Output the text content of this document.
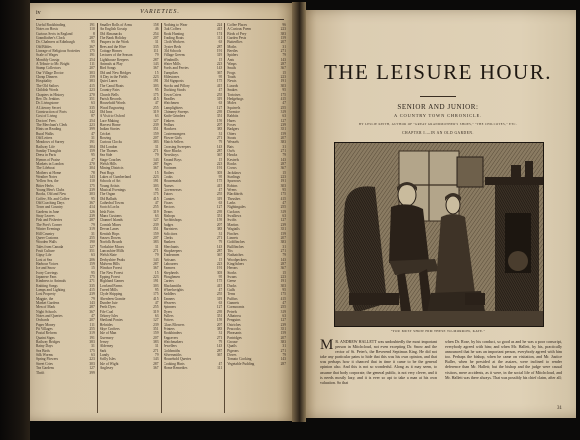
iv	VARIETIES.
Useful Bookbinding	191
Notes on Hosts	110
Curious Sects in England	8
Grandfather's Clock	287
Dr. Chalmers at Edinburgh	95
Old Bibles	367
Lineage of Religious Societies	175
Scale of Wages	191
Monthly Gossip	254
A Tribute to Mr. Bright	111
Stamp Collectors	207
Our Village Doctor	303
Cheap Dinners	159
Hospitality	383
The Old Sailors	415
Childish Words	223
Chapters in History	270
Rev. Dr. Jenkins	351
Dr. Livingstone	63
A Literary Secret	335
Construction of Forts	142
Cost of Living	87
Doctors' Fees	254
The Merchant's Clerk	223
Hints on Reading	399
Rural Walks	47
Old Letters	31
Meadows of Surrey	191
Railway Life	304
Sunday Thoughts	159
Dress in Paris	95
Hymns of Praise	47
Markets in London	270
The Lifeboat	304
Mothers at Home	78
Weather Notes	143
Yellow Sea, the	110
Bitter Herbs	175
Young Men's Clubs	239
Books, Old and New	303
Coffee, Mr. and Coffee	95
Old Coaching Days	367
Town and Country	414
Gardens in June	126
Stray Leaves	239
Fish and Fisheries	287
The Poet's Corner	79
Winter Evenings	319
Hill Country	31
Queer Customs	255
Wooden Walls	190
Tales from Canada	127
Fruit Culture	351
Gipsy Life	63
Lost at Sea	206
Harbour Voices	159
Ice and Snow	15
Ivory Carvings	95
Japanese Fans	175
Kindness to Animals	271
Knitting Songs	335
Lamps and Lighting	415
Lost Property	239
Magpie, the	79
Market Gardens	143
Men of Mark	287
Night Schools	367
Notes and Queries	47
Orchards	207
Paper Money	111
Pit Villages	255
Postal Reform	319
Quaint Signs	191
Railway Bridges	383
Rainy Days	31
Sea Birds	175
Silk Worms	63
Spring Flowers	223
Street Cries	303
Tea Gardens	127
Thrift	399
Smaller Rolls of Arms	158
An English Gossip	46
Old Almanacks	254
The Bank Holiday	207
Paupers in the Work	31
Bees and the Hive	335
Cottage Homes	111
Lectures of the Season	79
Lighthouse Keepers	287
Animals at Play	143
Bird Songs	367
Old and New Bridges	15
A Day in the Fields	223
Quiet Lanes	191
The Canal Boats	303
Country Fairs	95
Church Bells	175
Parish Records	415
Household Words	47
Wood Engraving	255
Old Inns	319
A Visit to Oxford	63
Lace Making	127
Harvest Home	239
Indian Stories	351
Cricket	159
Rowing	207
Curious Clocks	383
Old London	31
The Thames	271
Sea Side	79
Stage Coaches	143
Welsh Hills	287
Mining Districts	367
Peat Bogs	15
Lakes of Cumberland	223
Schools of Art	191
Young Artists	303
Musical Evenings	95
The Organ	175
Old Ballads	415
Cathedral Towns	47
Scotch Lochs	255
Irish Fairs	319
Manx Customs	63
Channel Islands	127
Cornish Mines	239
Devon Lanes	351
Kentish Hops	159
Sussex Downs	207
Norfolk Broads	383
Yorkshire Moors	31
Lancashire Mills	271
Welsh Slate	79
Derbyshire Peaks	143
Malvern Hills	287
Windsor Forest	367
The New Forest	15
Epping Forest	223
Highland Games	191
Lowland Farms	303
Tweed Mills	95
Clyde Shipping	175
Aberdeen Granite	415
Dundee Jute	47
Perth Dyes	255
Fife Coal	319
Orkney Isles	63
Shetland Ponies	127
Hebrides	239
Skye Crofters	351
Isle of Man	159
Guernsey	207
Jersey	383
Alderney	31
Sark	271
Lundy	79
Scilly Isles	143
Isle of Wight	287
Anglesey	367
Nothing to Wear	224
Oak Coffers	415
Book Hunting	174
Trading Boats	111
Cloth Workers	63
Oyster Beds	287
Old Schools	191
Village Greens	319
Windmills	15
Water Mills	223
Fords and Ferries	143
Turnpikes	367
Milestones	95
Old Signposts	175
Stocks and Pillory	415
Ducking Stools	47
Town Criers	255
Beadles	319
Watchmen	63
Lamplighters	127
Chimney Sweeps	239
Knife Grinders	351
Tinkers	159
Pedlars	207
Hawkers	383
Costermongers	31
Flower Girls	271
Match Sellers	79
Crossing Sweepers	143
Shoe Blacks	287
Newsboys	367
Errand Boys	15
Pages	223
Footmen	191
Butlers	303
Cooks	95
Housemaids	175
Nurses	415
Governesses	47
Tutors	255
Curates	319
Vicars	63
Rectors	127
Deans	239
Bishops	351
Archbishops	159
Judges	207
Barristers	383
Solicitors	31
Clerks	271
Bankers	79
Merchants	143
Shopkeepers	287
Tradesmen	367
Artisans	15
Labourers	223
Farmers	191
Shepherds	303
Ploughmen	95
Carters	175
Blacksmiths	415
Wheelwrights	47
Saddlers	255
Tanners	319
Weavers	63
Spinners	127
Dyers	239
Fullers	351
Potters	159
Glass Blowers	207
Printers	383
Bookbinders	31
Engravers	271
Watchmakers	79
Jewellers	143
Goldsmiths	287
Silversmiths	367
Household Queries
Cooking Hints	47
Home Remedies	111
Coffee Places	96
A Curious Poem	223
Birds of Prey	383
Garden Pests	159
Butterflies	207
Moths	31
Beetles	271
Spiders	79
Ants	143
Wasps	287
Snails	367
Frogs	15
Toads	223
Newts	191
Lizards	303
Snakes	95
Tortoises	175
Hedgehogs	415
Moles	47
Squirrels	255
Dormice	319
Rabbits	63
Hares	127
Foxes	239
Badgers	351
Otters	159
Stoats	207
Weasels	383
Bats	31
Owls	271
Hawks	79
Kestrels	143
Rooks	287
Crows	367
Jackdaws	15
Starlings	223
Sparrows	191
Robins	303
Wrens	95
Blackbirds	175
Thrushes	415
Larks	47
Nightingales	255
Cuckoos	319
Swallows	63
Swifts	127
Martins	239
Wagtails	351
Finches	159
Linnets	207
Goldfinches	383
Bullfinches	31
Tits	271
Nuthatches	79
Woodpeckers	143
Kingfishers	287
Herons	367
Storks	15
Swans	223
Geese	191
Ducks	303
Gulls	95
Terns	175
Puffins	415
Gannets	47
Cormorants	255
Petrels	319
Albatross	63
Penguins	127
Ostriches	239
Peacocks	351
Pheasants	159
Partridges	207
Grouse	383
Quails	31
Pigeons	271
Doves	79
Tomato Cooking	143
Vegetable Pudding	287
THE LEISURE HOUR.
SENIOR AND JUNIOR:
A COUNTRY TOWN CHRONICLE.
BY LESLIE KEITH, AUTHOR OF "GREAT GRANDMOTHER'S SHOES," "THE CHILCOTES," ETC.
CHAPTER I.—IN AN OLD GARDEN.
"YOU MUST SHOW HIM THESE TO-MORROW, KATE."
M R. ANDREW HALLETT was undoubtedly the most important person in Mitchcloud, not even excepting Dr. Snow and the rector of St. Peter's, the Reverend Septimus King. He did not take any particular pains to hide that this was his own opinion, and that was perhaps how it chanced that in time it came to be the general opinion also. And this is not so wonderful. Along as it may seem, to assume that body corporate, the general public, is not very clever, and it is needs mostly lazy, and it is ever so apt to take a man at his own valuation. So that
when Dr. Rose, by his conduct, so good as and he was a poor conscript, everybody agreed with him; and when Mr. Hallett, by his, practically announced that he was an important person, everybody agreed with him too. Perhaps the bishop, when he came on visitation, and Mr. Justice Buller, when he presided at the assizes, were inclined to render deference than Mr. Hallett; but the bishop and the judge were casual visitors, mere accidents, as it were, in the social life of Mitchcloud, and Mr. Hallett was there always. That was possibly his chief claim, after all;
31
